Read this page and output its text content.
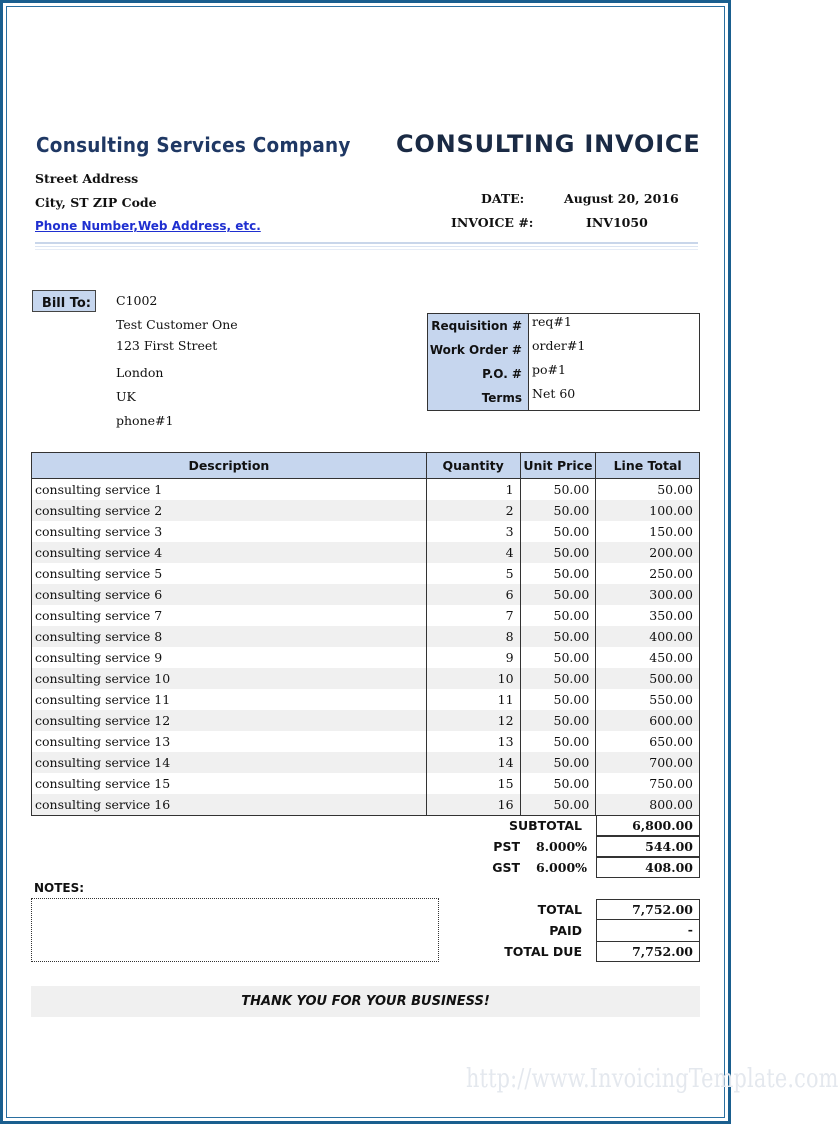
Consulting Services Company CONSULTING INVOICE
Street Address
City, ST ZIP Code
Phone Number,Web Address, etc.
DATE:	August 20, 2016
INVOICE #:	INV1050
Bill To:	C1002
Test Customer One
123 First Street
London
UK
phone#1
Requisition #	req#1
Work Order #	order#1
P.O. #	po#1
Terms	Net 60
Description	Quantity	Unit Price	Line Total
consulting service 1	1	50.00	50.00
consulting service 2	2	50.00	100.00
consulting service 3	3	50.00	150.00
consulting service 4	4	50.00	200.00
consulting service 5	5	50.00	250.00
consulting service 6	6	50.00	300.00
consulting service 7	7	50.00	350.00
consulting service 8	8	50.00	400.00
consulting service 9	9	50.00	450.00
consulting service 10	10	50.00	500.00
consulting service 11	11	50.00	550.00
consulting service 12	12	50.00	600.00
consulting service 13	13	50.00	650.00
consulting service 14	14	50.00	700.00
consulting service 15	15	50.00	750.00
consulting service 16	16	50.00	800.00
SUBTOTAL	6,800.00
PST 8.000%	544.00
GST 6.000%	408.00
NOTES:
TOTAL	7,752.00
PAID	-
TOTAL DUE	7,752.00
THANK YOU FOR YOUR BUSINESS!
http://www.InvoicingTemplate.com
